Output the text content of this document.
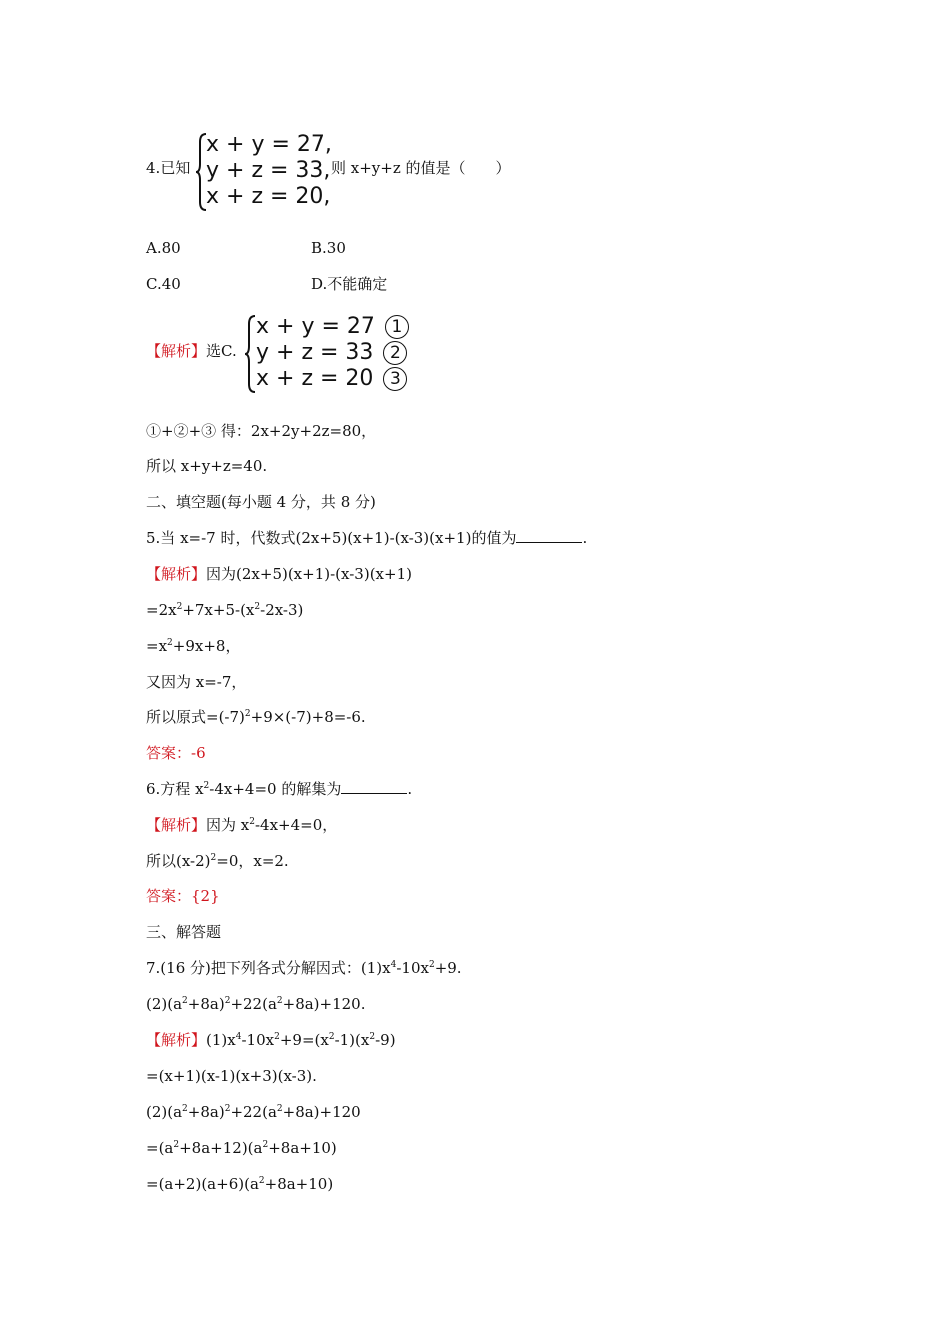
4.已知
x + y = 27,
y + z = 33,
x + z = 20,
则 x+y+z 的值是（　　）
A.80	B.30
C.40	D.不能确定
【解析】选C.
x + y = 27 1
y + z = 33 2
x + z = 20 3
①+②+③ 得：2x+2y+2z=80，
所以 x+y+z=40.
二、填空题(每小题 4 分，共 8 分)
5.当 x=-7 时，代数式(2x+5)(x+1)-(x-3)(x+1)的值为	.
【解析】因为(2x+5)(x+1)-(x-3)(x+1)
$=2x^2+7x+5-(x^2-2x-3)$
$=x^2+9x+8$，
又因为 x=-7，
所以原式$=(-7)^2+9\times(-7)+8=-6$.
答案：-6
6.方程 $x^2-4x+4=0$ 的解集为	.
【解析】因为 $x^2-4x+4=0$，
所以$(x-2)^2=0$，x=2.
答案：{2}
三、解答题
7.(16 分)把下列各式分解因式：$(1)x^4-10x^2+9$.
$(2)(a^2+8a)^2+22(a^2+8a)+120$.
【解析】$(1)x^4-10x^2+9=(x^2-1)(x^2-9)$
=(x+1)(x-1)(x+3)(x-3).
$(2)(a^2+8a)^2+22(a^2+8a)+120$
$=(a^2+8a+12)(a^2+8a+10)$
$=(a+2)(a+6)(a^2+8a+10)$
